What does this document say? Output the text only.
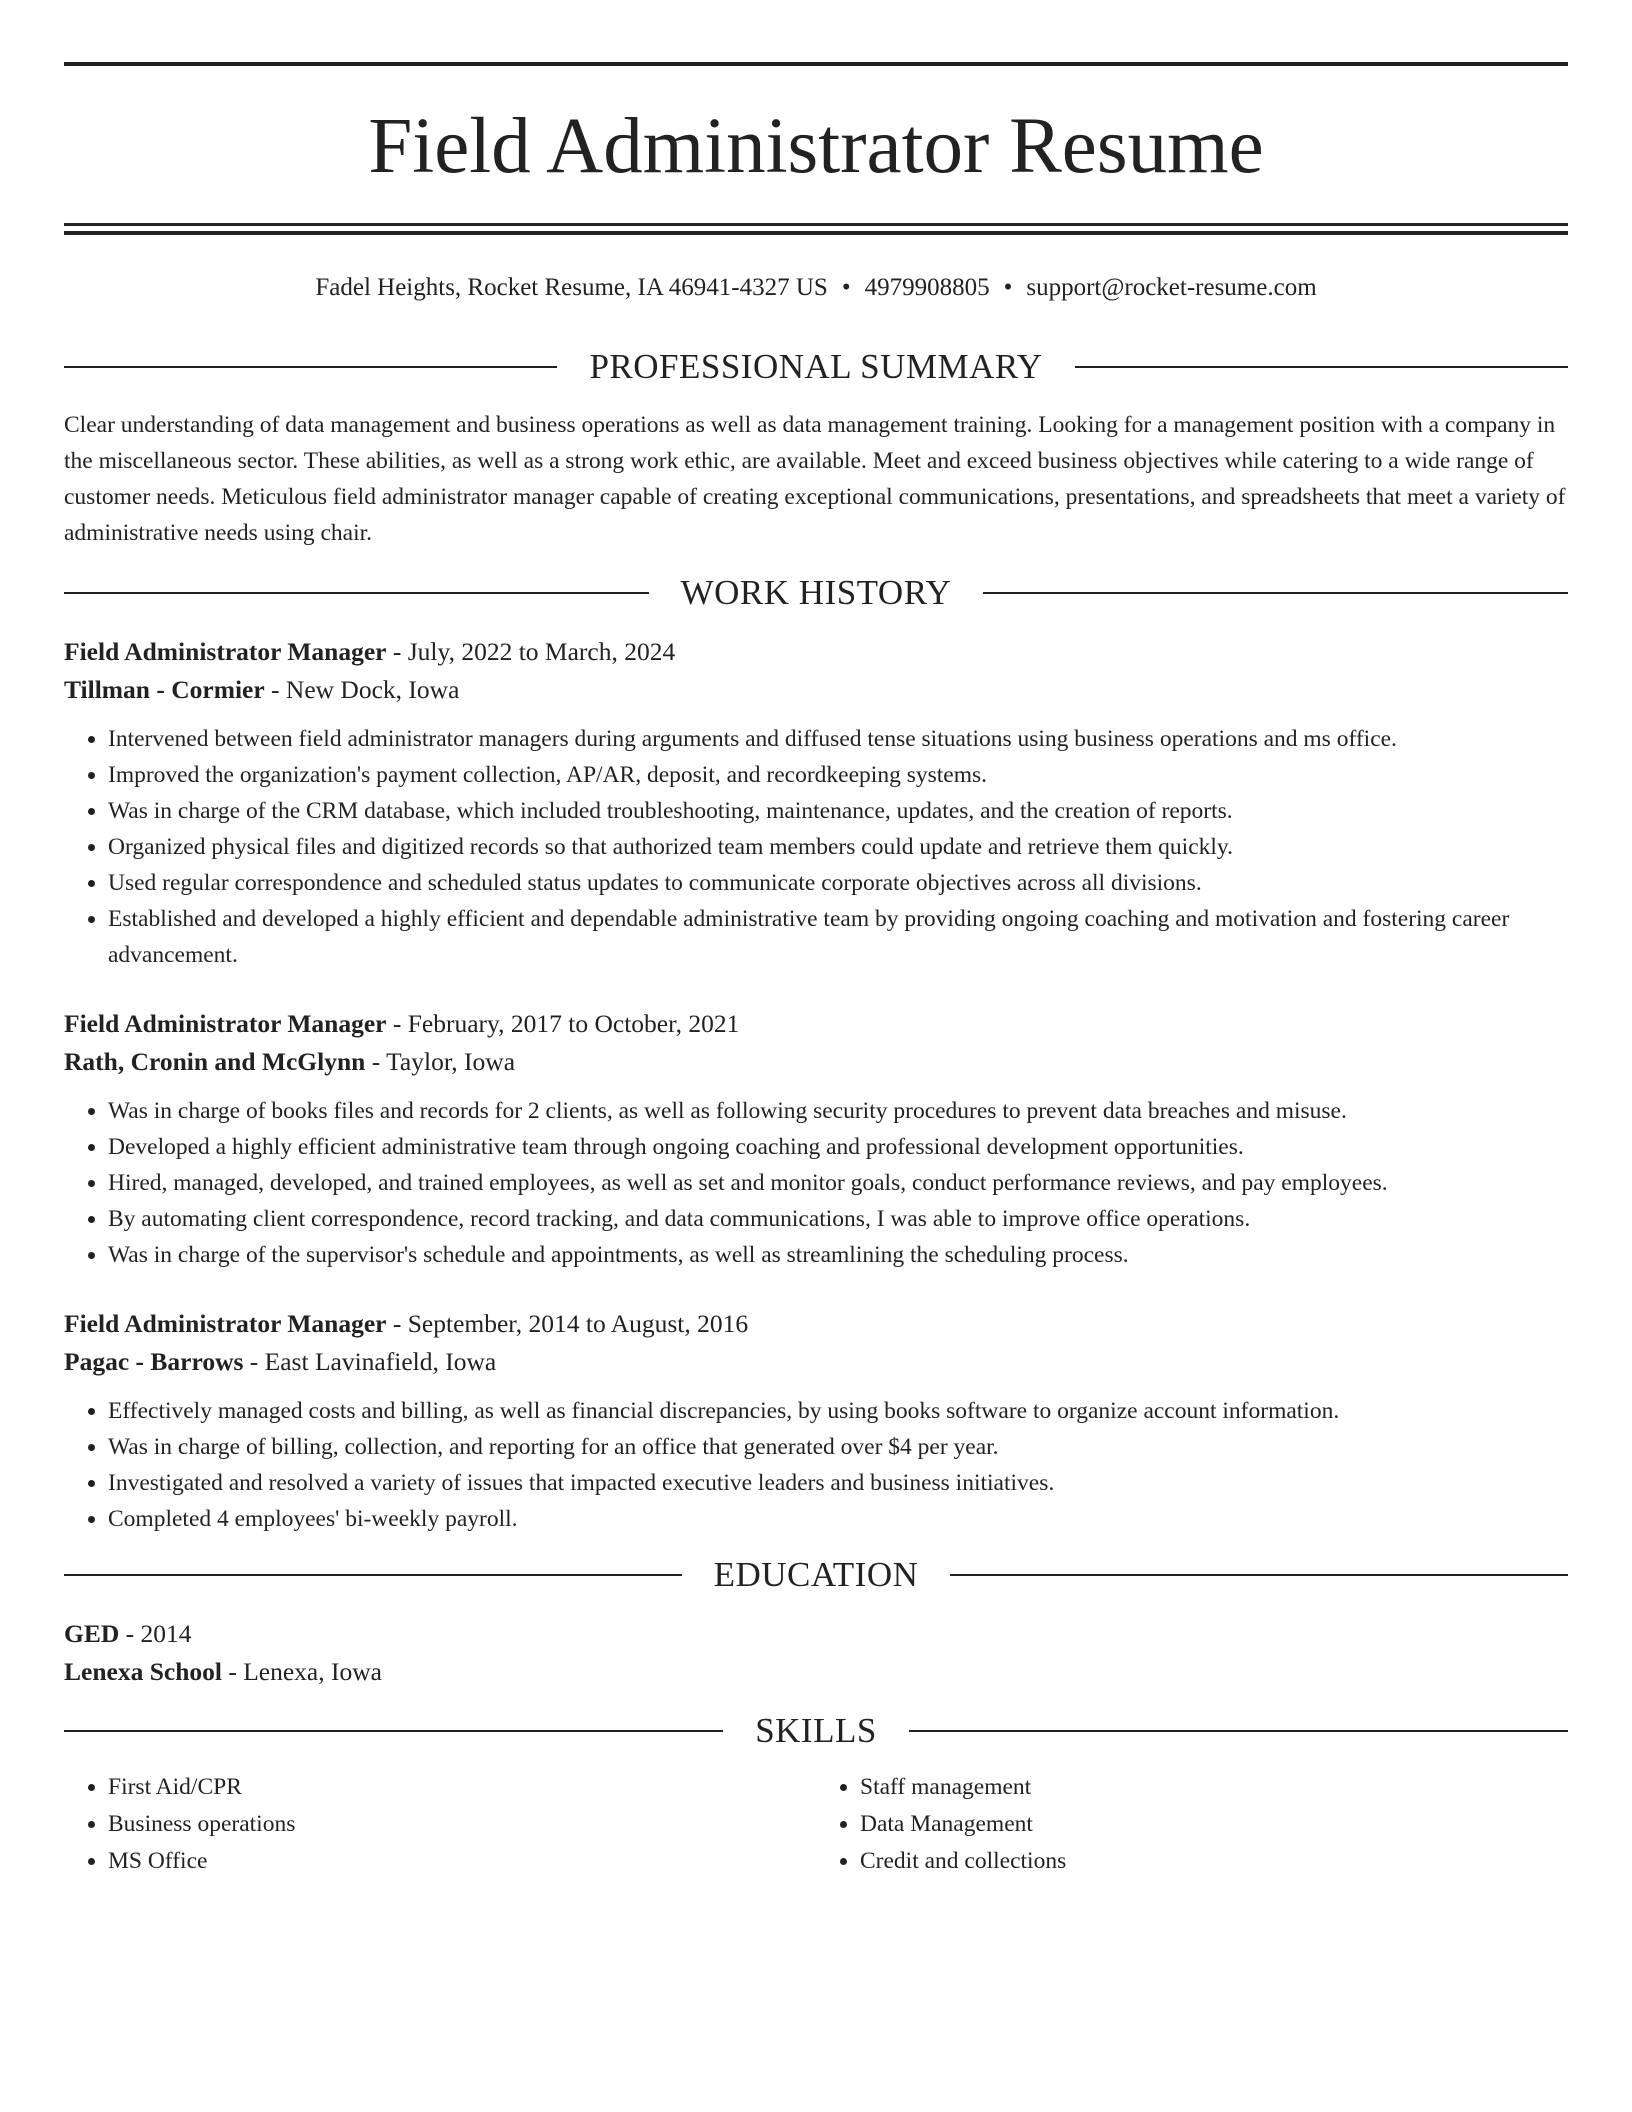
Field Administrator Resume
Fadel Heights, Rocket Resume, IA 46941-4327 US • 4979908805 • support@rocket-resume.com
PROFESSIONAL SUMMARY
Clear understanding of data management and business operations as well as data management training. Looking for a management position with a company in the miscellaneous sector. These abilities, as well as a strong work ethic, are available. Meet and exceed business objectives while catering to a wide range of customer needs. Meticulous field administrator manager capable of creating exceptional communications, presentations, and spreadsheets that meet a variety of administrative needs using chair.
WORK HISTORY
Field Administrator Manager - July, 2022 to March, 2024
Tillman - Cormier - New Dock, Iowa
• Intervened between field administrator managers during arguments and diffused tense situations using business operations and ms office.
• Improved the organization's payment collection, AP/AR, deposit, and recordkeeping systems.
• Was in charge of the CRM database, which included troubleshooting, maintenance, updates, and the creation of reports.
• Organized physical files and digitized records so that authorized team members could update and retrieve them quickly.
• Used regular correspondence and scheduled status updates to communicate corporate objectives across all divisions.
• Established and developed a highly efficient and dependable administrative team by providing ongoing coaching and motivation and fostering career advancement.
Field Administrator Manager - February, 2017 to October, 2021
Rath, Cronin and McGlynn - Taylor, Iowa
• Was in charge of books files and records for 2 clients, as well as following security procedures to prevent data breaches and misuse.
• Developed a highly efficient administrative team through ongoing coaching and professional development opportunities.
• Hired, managed, developed, and trained employees, as well as set and monitor goals, conduct performance reviews, and pay employees.
• By automating client correspondence, record tracking, and data communications, I was able to improve office operations.
• Was in charge of the supervisor's schedule and appointments, as well as streamlining the scheduling process.
Field Administrator Manager - September, 2014 to August, 2016
Pagac - Barrows - East Lavinafield, Iowa
• Effectively managed costs and billing, as well as financial discrepancies, by using books software to organize account information.
• Was in charge of billing, collection, and reporting for an office that generated over $4 per year.
• Investigated and resolved a variety of issues that impacted executive leaders and business initiatives.
• Completed 4 employees' bi-weekly payroll.
EDUCATION
GED - 2014
Lenexa School - Lenexa, Iowa
SKILLS
• First Aid/CPR
• Business operations
• MS Office
• Staff management
• Data Management
• Credit and collections
